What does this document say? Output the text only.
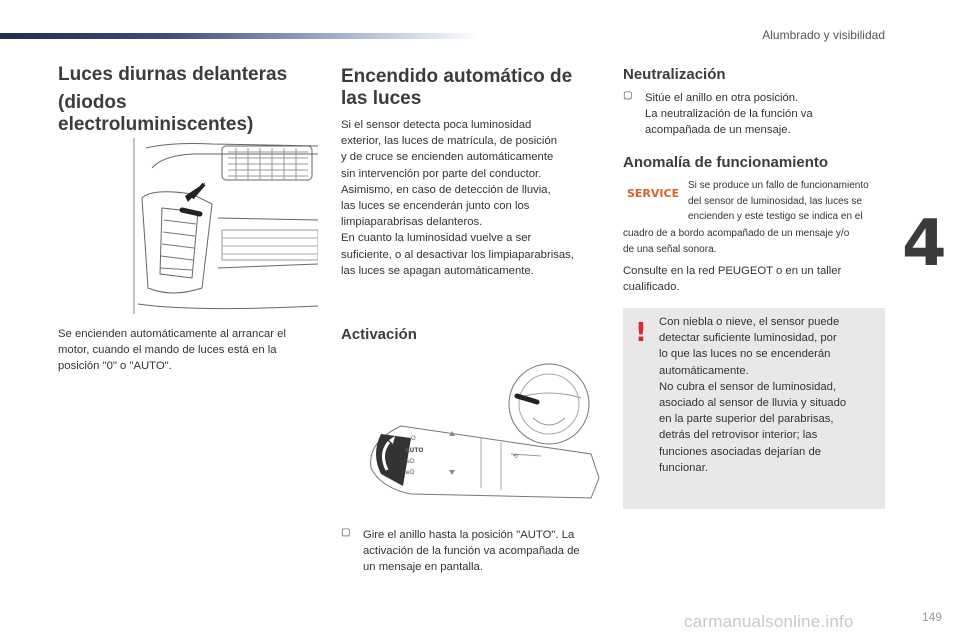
Alumbrado y visibilidad
4
Luces diurnas delanteras
(diodos
electroluminiscentes)

Se encienden automáticamente al arrancar el motor, cuando el mando de luces está en la posición "0" o "AUTO".

Encendido automático de
las luces

Si el sensor detecta poca luminosidad

exterior, las luces de matrícula, de posición

y de cruce se encienden automáticamente

sin intervención por parte del conductor.

Asimismo, en caso de detección de lluvia,

las luces se encenderán junto con los

limpiaparabrisas delanteros.

En cuanto la luminosidad vuelve a ser

suficiente, o al desactivar los limpiaparabrisas,

las luces se apagan automáticamente.

Activación
O
AUTO
≡D
≡D
⟲
▢ Gire el anillo hasta la posición "AUTO". La

activación de la función va acompañada de

un mensaje en pantalla.

Neutralización
▢ Sitúe el anillo en otra posición.

La neutralización de la función va

acompañada de un mensaje.

Anomalía de funcionamiento
SERVICE

Si se produce un fallo de funcionamiento

del sensor de luminosidad, las luces se

encienden y este testigo se indica en el

cuadro de a bordo acompañado de un mensaje y/o

de una señal sonora.

Consulte en la red PEUGEOT o en un taller

cualificado.

! Con niebla o nieve, el sensor puede

detectar suficiente luminosidad, por

lo que las luces no se encenderán

automáticamente.

No cubra el sensor de luminosidad,

asociado al sensor de lluvia y situado

en la parte superior del parabrisas,

detrás del retrovisor interior; las

funciones asociadas dejarían de

funcionar.

carmanualsonline.info	149
